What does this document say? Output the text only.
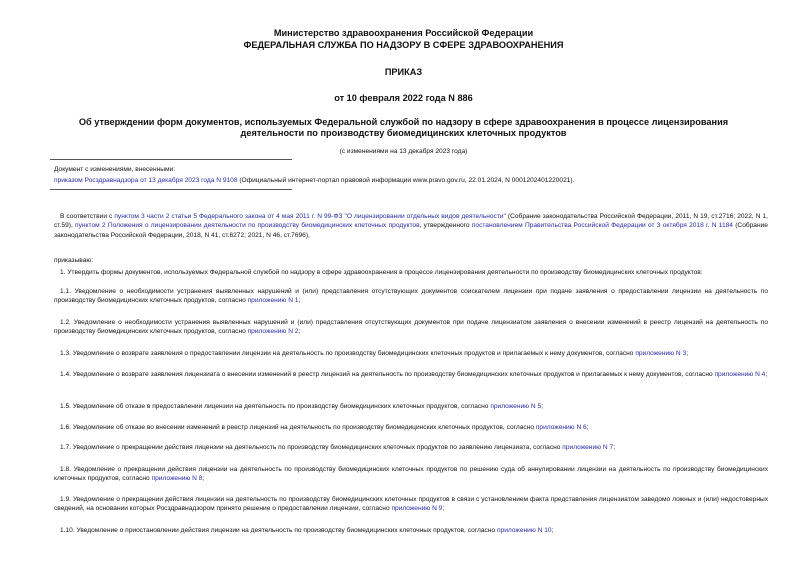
Министерство здравоохранения Российской Федерации
ФЕДЕРАЛЬНАЯ СЛУЖБА ПО НАДЗОРУ В СФЕРЕ ЗДРАВООХРАНЕНИЯ
ПРИКАЗ
от 10 февраля 2022 года N 886
Об утверждении форм документов, используемых Федеральной службой по надзору в сфере здравоохранения в процессе лицензирования деятельности по производству биомедицинских клеточных продуктов
(с изменениями на 13 декабря 2023 года)
Документ с изменениями, внесенными:
приказом Росздравнадзора от 13 декабря 2023 года N 9108 (Официальный интернет-портал правовой информации www.pravo.gov.ru, 22.01.2024, N 0001202401220021).
В соответствии с пунктом 3 части 2 статьи 5 Федерального закона от 4 мая 2011 г. N 99-ФЗ "О лицензировании отдельных видов деятельности" (Собрание законодательства Российской Федерации, 2011, N 19, ст.2716; 2022, N 1, ст.59), пунктом 2 Положения о лицензировании деятельности по производству биомедицинских клеточных продуктов, утвержденного постановлением Правительства Российской Федерации от 3 октября 2018 г. N 1184 (Собрание законодательства Российской Федерации, 2018, N 41, ст.6272; 2021, N 46, ст.7696),
приказываю:
1. Утвердить формы документов, используемых Федеральной службой по надзору в сфере здравоохранения в процессе лицензирования деятельности по производству биомедицинских клеточных продуктов:
1.1. Уведомление о необходимости устранения выявленных нарушений и (или) представления отсутствующих документов соискателем лицензии при подаче заявления о предоставлении лицензии на деятельность по производству биомедицинских клеточных продуктов, согласно приложению N 1;
1.2. Уведомление о необходимости устранения выявленных нарушений и (или) представления отсутствующих документов при подаче лицензиатом заявления о внесении изменений в реестр лицензий на деятельность по производству биомедицинских клеточных продуктов, согласно приложению N 2;
1.3. Уведомление о возврате заявления о предоставлении лицензии на деятельность по производству биомедицинских клеточных продуктов и прилагаемых к нему документов, согласно приложению N 3;
1.4. Уведомление о возврате заявления лицензиата о внесении изменений в реестр лицензий на деятельность по производству биомедицинских клеточных продуктов и прилагаемых к нему документов, согласно приложению N 4;
1.5. Уведомление об отказе в предоставлении лицензии на деятельность по производству биомедицинских клеточных продуктов, согласно приложению N 5;
1.6. Уведомление об отказе во внесении изменений в реестр лицензий на деятельность по производству биомедицинских клеточных продуктов, согласно приложению N 6;
1.7. Уведомление о прекращении действия лицензии на деятельность по производству биомедицинских клеточных продуктов по заявлению лицензиата, согласно приложению N 7;
1.8. Уведомление о прекращении действия лицензии на деятельность по производству биомедицинских клеточных продуктов по решению суда об аннулировании лицензии на деятельность по производству биомедицинских клеточных продуктов, согласно приложению N 8;
1.9. Уведомление о прекращении действия лицензии на деятельность по производству биомедицинских клеточных продуктов в связи с установлением факта представления лицензиатом заведомо ложных и (или) недостоверных сведений, на основании которых Росздравнадзором принято решение о предоставлении лицензии, согласно приложению N 9;
1.10. Уведомление о приостановлении действия лицензии на деятельность по производству биомедицинских клеточных продуктов, согласно приложению N 10;
